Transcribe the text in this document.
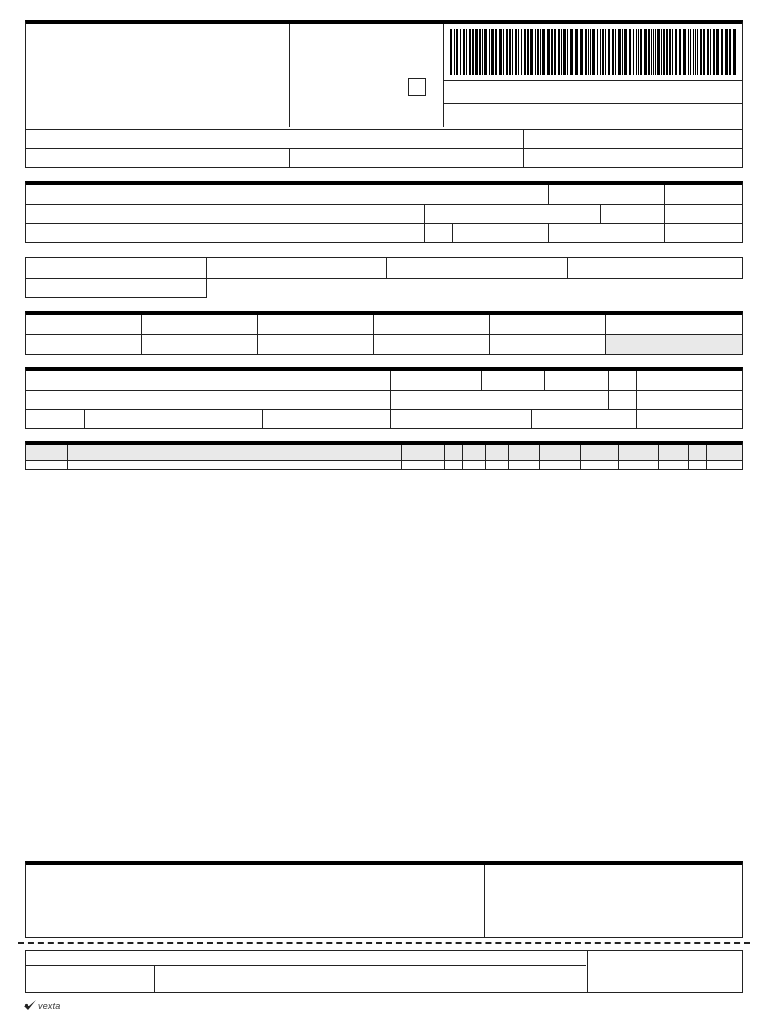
vexta
